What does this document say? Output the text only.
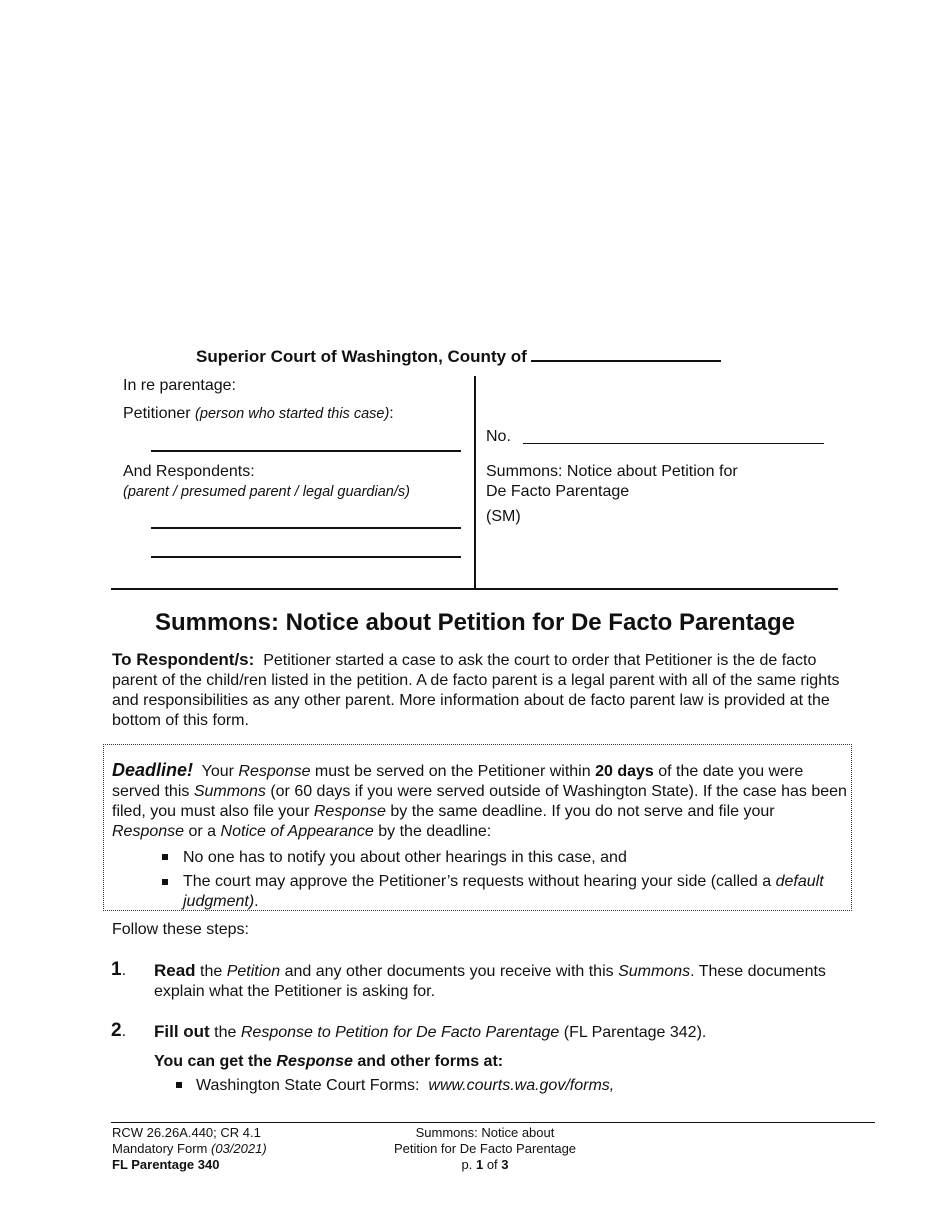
Superior Court of Washington, County of
In re parentage:
Petitioner (person who started this case):
And Respondents:
(parent / presumed parent / legal guardian/s)
No.
Summons: Notice about Petition for
De Facto Parentage
(SM)
Summons: Notice about Petition for De Facto Parentage
To Respondent/s: Petitioner started a case to ask the court to order that Petitioner is the de facto parent of the child/ren listed in the petition. A de facto parent is a legal parent with all of the same rights and responsibilities as any other parent. More information about de facto parent law is provided at the bottom of this form.
Deadline! Your Response must be served on the Petitioner within 20 days of the date you were served this Summons (or 60 days if you were served outside of Washington State). If the case has been filed, you must also file your Response by the same deadline. If you do not serve and file your Response or a Notice of Appearance by the deadline:
No one has to notify you about other hearings in this case, and
The court may approve the Petitioner’s requests without hearing your side (called a default judgment).
Follow these steps:
1. Read the Petition and any other documents you receive with this Summons. These documents explain what the Petitioner is asking for.
2. Fill out the Response to Petition for De Facto Parentage (FL Parentage 342).
You can get the Response and other forms at:
Washington State Court Forms: www.courts.wa.gov/forms,
RCW 26.26A.440; CR 4.1
Mandatory Form (03/2021)
FL Parentage 340
Summons: Notice about
Petition for De Facto Parentage
p. 1 of 3
